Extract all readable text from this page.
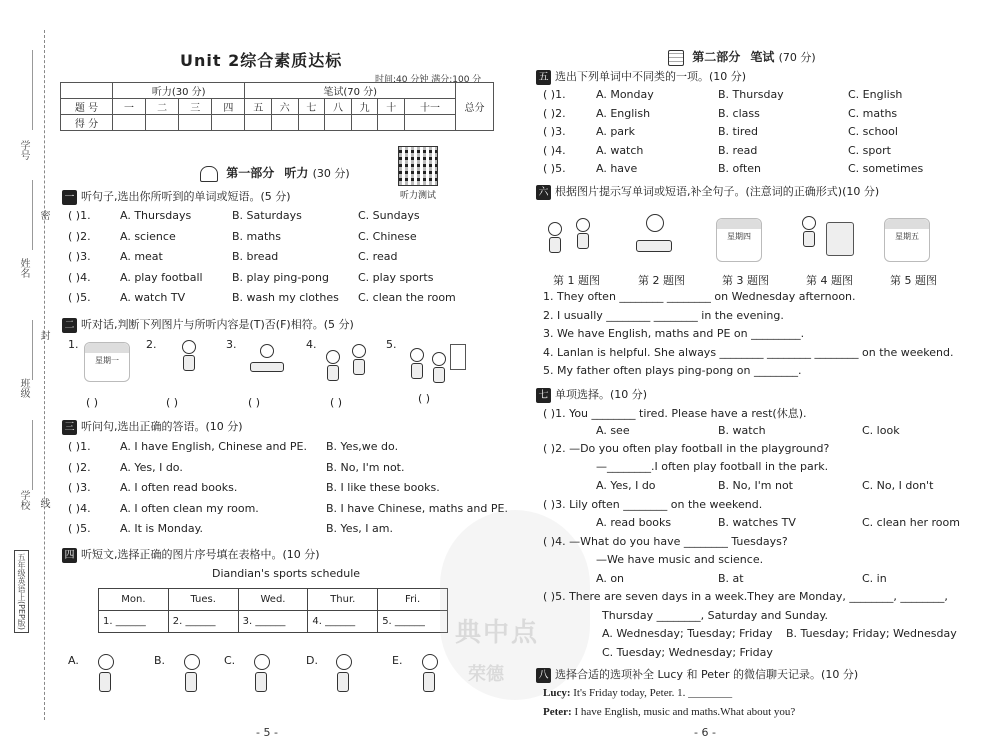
学号
密
姓名
封
班级
学校 线
五年级英语上(PEP版)
Unit 2综合素质达标
时间:40 分钟 满分:100 分
	听力(30 分)				笔试(70 分)							总分
题 号	一	二	三	四	五	六	七	八	九	十	十一	
得 分												
第一部分 听力 (30 分)
听力测试
一 听句子,选出你所听到的单词或短语。(5 分)
( )1.	A. Thursdays	B. Saturdays	C. Sundays
( )2.	A. science	B. maths	C. Chinese
( )3.	A. meat	B. bread	C. read
( )4.	A. play football	B. play ping-pong	C. play sports
( )5.	A. watch TV	B. wash my clothes C. clean the room
二 听对话,判断下列图片与所听内容是(T)否(F)相符。(5 分)
1.
星期一
2.	3.	4.	5.
( )	( )	( )	( )	( )
三 听问句,选出正确的答语。(10 分)
( )1.	A. I have English, Chinese and PE. B. Yes,we do.
( )2.	A. Yes, I do.	B. No, I'm not.
( )3.	A. I often read books.	B. I like these books.
( )4.	A. I often clean my room.	B. I have Chinese, maths and PE.
( )5.	A. It is Monday.	B. Yes, I am.
四 听短文,选择正确的图片序号填在表格中。(10 分)
Diandian's sports schedule
Mon.	Tues.	Wed.	Thur.	Fri.
1. ______	2. ______	3. ______	4. ______	5. ______
A.	B.	C.	D.	E.
- 5 -
典中点
荣德
第二部分 笔试 (70 分)
五 选出下列单词中不同类的一项。(10 分)
( )1.	A. Monday	B. Thursday	C. English
( )2.	A. English	B. class	C. maths
( )3.	A. park	B. tired	C. school
( )4.	A. watch	B. read	C. sport
( )5.	A. have	B. often	C. sometimes
六 根据图片提示写单词或短语,补全句子。(注意词的正确形式)(10 分)
星期四	星期五
第 1 题图	第 2 题图	第 3 题图	第 4 题图	第 5 题图
1. They often ________ ________ on Wednesday afternoon.
2. I usually ________ ________ in the evening.
3. We have English, maths and PE on _________.
4. Lanlan is helpful. She always ________ ________ ________ on the weekend.
5. My father often plays ping-pong on ________.
七 单项选择。(10 分)
( )1. You ________ tired. Please have a rest(休息).
A. see	B. watch	C. look
( )2. —Do you often play football in the playground?
—________.I often play football in the park.
A. Yes, I do	B. No, I'm not	C. No, I don't
( )3. Lily often ________ on the weekend.
A. read books	B. watches TV	C. clean her room
( )4. —What do you have ________ Tuesdays?
—We have music and science.
A. on	B. at	C. in
( )5. There are seven days in a week.They are Monday, ________, ________,
Thursday ________, Saturday and Sunday.
A. Wednesday; Tuesday; Friday B. Tuesday; Friday; Wednesday
C. Tuesday; Wednesday; Friday
八 选择合适的选项补全 Lucy 和 Peter 的微信聊天记录。(10 分)
Lucy: It's Friday today, Peter. 1. ________
Peter: I have English, music and maths.What about you?
- 6 -
